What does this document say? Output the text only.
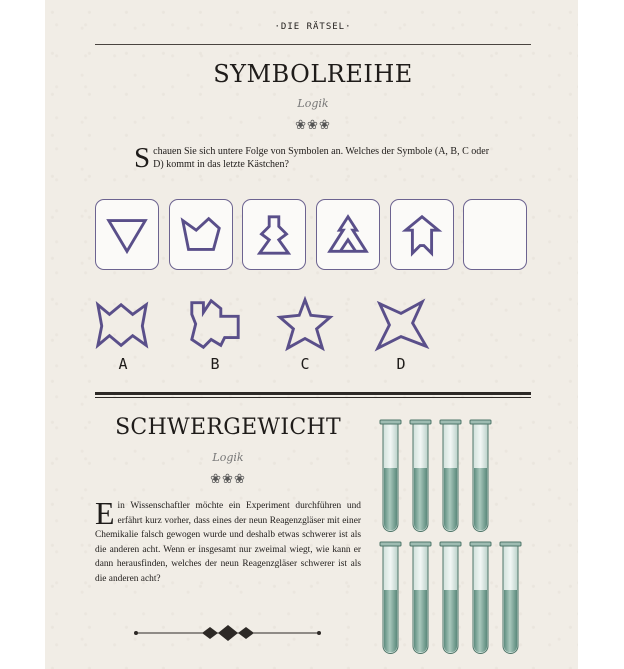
·DIE RÄTSEL·
SYMBOLREIHE
Logik
❀❀❀
S chauen Sie sich untere Folge von Symbolen an. Welches der Symbole (A, B, C oder D) kommt in das letzte Kästchen?
A	B	C	D
SCHWERGEWICHT
Logik
❀❀❀
E in Wissenschaftler möchte ein Experiment durchführen und erfährt kurz vorher, dass eines der neun Reagenzgläser mit einer Chemikalie falsch gewogen wurde und deshalb etwas schwerer ist als die anderen acht. Wenn er insgesamt nur zweimal wiegt, wie kann er dann herausfinden, welches der neun Reagenzgläser schwerer ist als die anderen acht?
